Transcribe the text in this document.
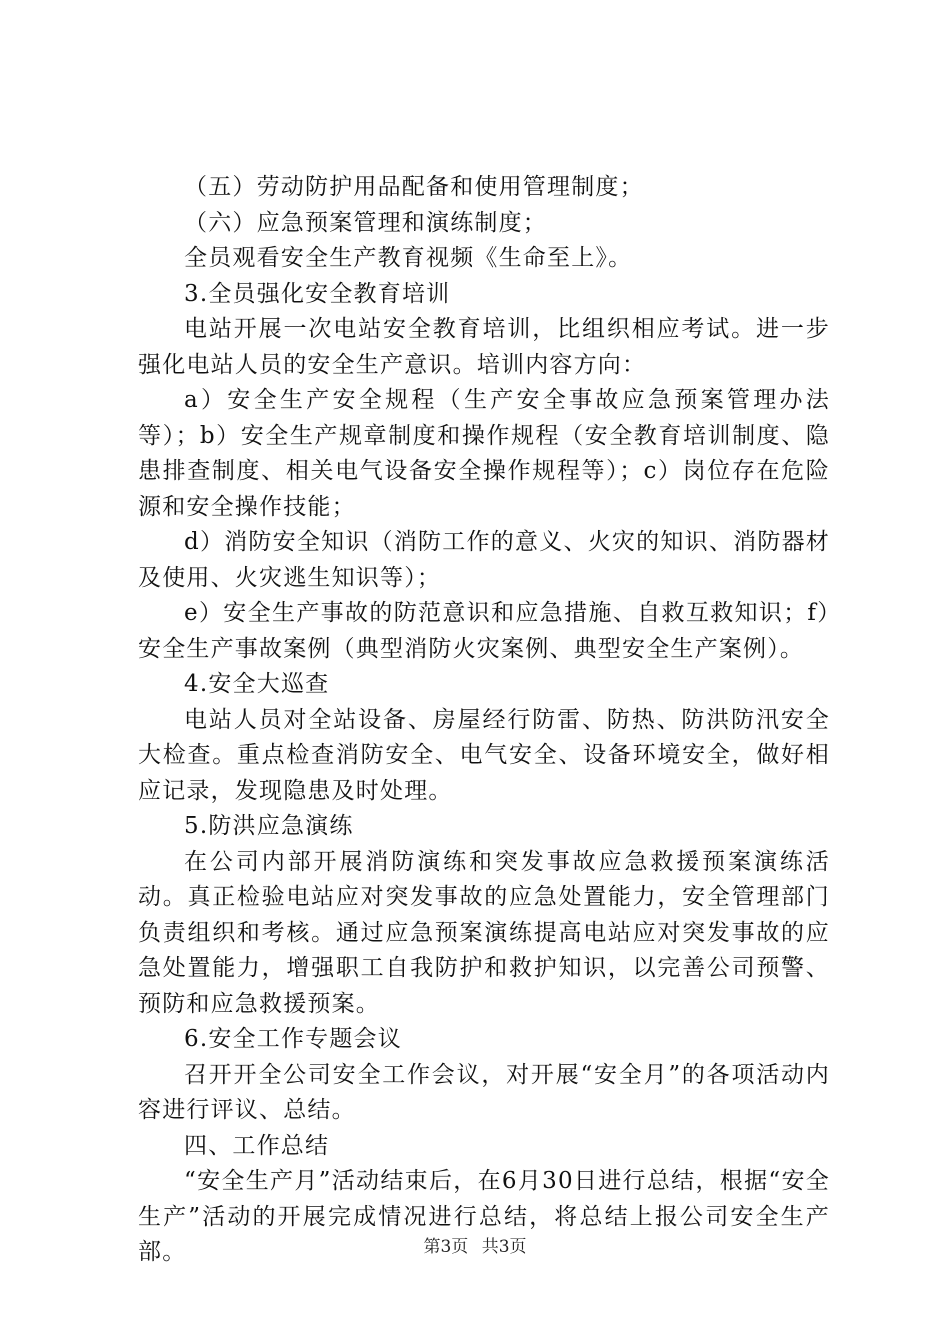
（五）劳动防护用品配备和使用管理制度；

（六）应急预案管理和演练制度；

全员观看安全生产教育视频《生命至上》。

3.全员强化安全教育培训

电站开展一次电站安全教育培训，比组织相应考试。进一步强化电站人员的安全生产意识。培训内容方向：

a）安全生产安全规程（生产安全事故应急预案管理办法等）；b）安全生产规章制度和操作规程（安全教育培训制度、隐患排查制度、相关电气设备安全操作规程等）；c）岗位存在危险源和安全操作技能；

d）消防安全知识（消防工作的意义、火灾的知识、消防器材及使用、火灾逃生知识等）；

e）安全生产事故的防范意识和应急措施、自救互救知识；f）安全生产事故案例（典型消防火灾案例、典型安全生产案例）。

4.安全大巡查

电站人员对全站设备、房屋经行防雷、防热、防洪防汛安全大检查。重点检查消防安全、电气安全、设备环境安全，做好相应记录，发现隐患及时处理。

5.防洪应急演练

在公司内部开展消防演练和突发事故应急救援预案演练活动。真正检验电站应对突发事故的应急处置能力，安全管理部门负责组织和考核。通过应急预案演练提高电站应对突发事故的应急处置能力，增强职工自我防护和救护知识，以完善公司预警、预防和应急救援预案。

6.安全工作专题会议

召开开全公司安全工作会议，对开展“安全月”的各项活动内容进行评议、总结。

四、工作总结

“安全生产月”活动结束后，在6月30日进行总结，根据“安全生产”活动的开展完成情况进行总结，将总结上报公司安全生产部。	第3页 共3页
